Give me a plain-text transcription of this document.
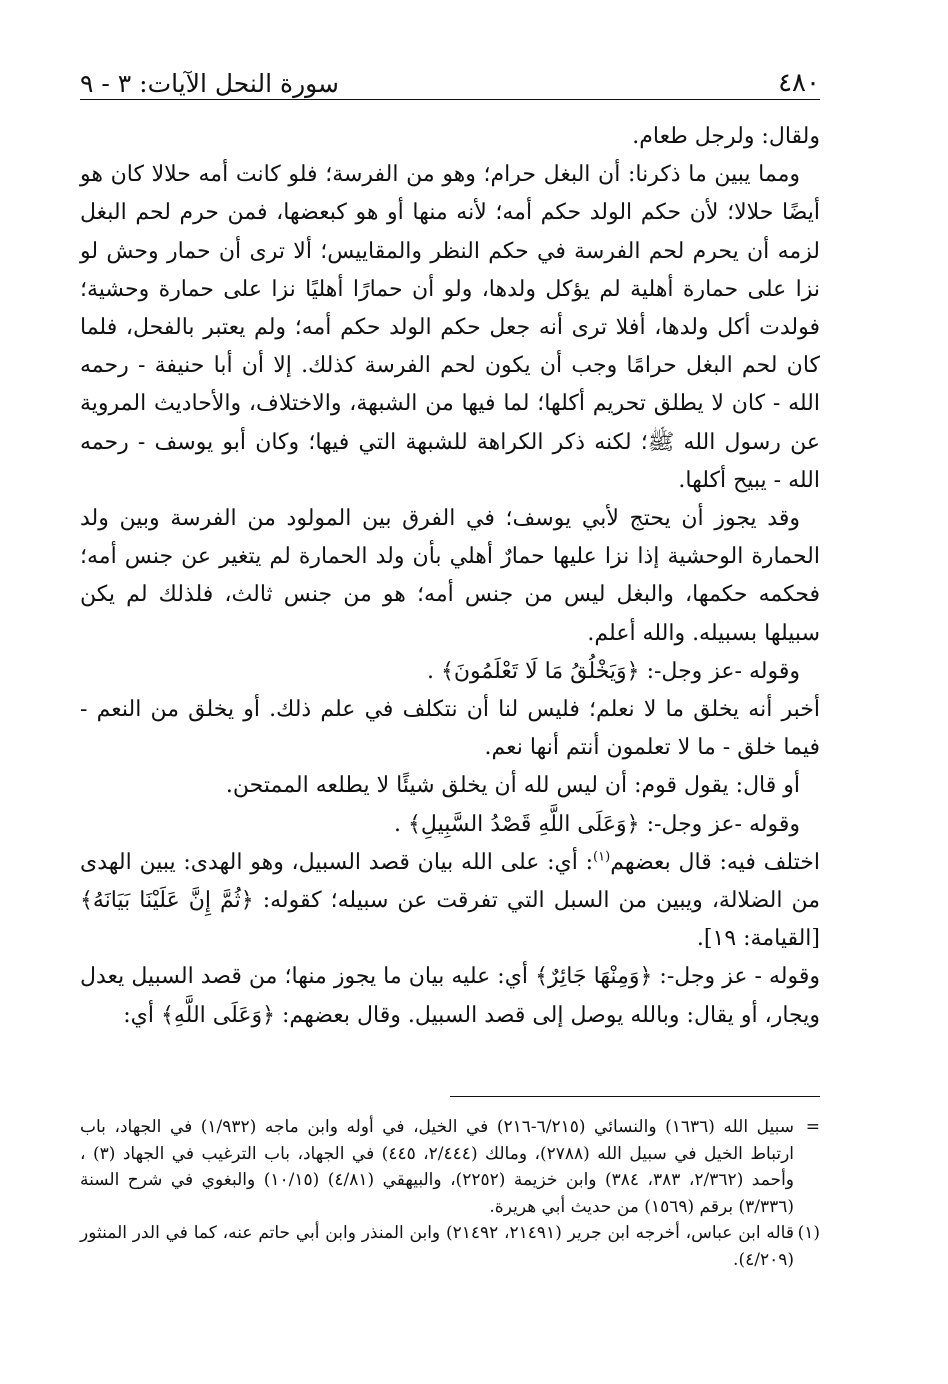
٤٨٠
سورة النحل الآيات: ٣ - ٩

ولقال: ولرجل طعام.

ومما يبين ما ذكرنا: أن البغل حرام؛ وهو من الفرسة؛ فلو كانت أمه حلالا كان هو أيضًا حلالا؛ لأن حكم الولد حكم أمه؛ لأنه منها أو هو كبعضها، فمن حرم لحم البغل لزمه أن يحرم لحم الفرسة في حكم النظر والمقاييس؛ ألا ترى أن حمار وحش لو نزا على حمارة أهلية لم يؤكل ولدها، ولو أن حمارًا أهليًا نزا على حمارة وحشية؛ فولدت أكل ولدها، أفلا ترى أنه جعل حكم الولد حكم أمه؛ ولم يعتبر بالفحل، فلما كان لحم البغل حرامًا وجب أن يكون لحم الفرسة كذلك. إلا أن أبا حنيفة - رحمه الله - كان لا يطلق تحريم أكلها؛ لما فيها من الشبهة، والاختلاف، والأحاديث المروية عن رسول الله ﷺ؛ لكنه ذكر الكراهة للشبهة التي فيها؛ وكان أبو يوسف - رحمه الله - يبيح أكلها.

وقد يجوز أن يحتج لأبي يوسف؛ في الفرق بين المولود من الفرسة وبين ولد الحمارة الوحشية إذا نزا عليها حمارٌ أهلي بأن ولد الحمارة لم يتغير عن جنس أمه؛ فحكمه حكمها، والبغل ليس من جنس أمه؛ هو من جنس ثالث، فلذلك لم يكن سبيلها بسبيله. والله أعلم.

وقوله -عز وجل-: ﴿وَيَخْلُقُ مَا لَا تَعْلَمُونَ﴾ .

أخبر أنه يخلق ما لا نعلم؛ فليس لنا أن نتكلف في علم ذلك. أو يخلق من النعم - فيما خلق - ما لا تعلمون أنتم أنها نعم.

أو قال: يقول قوم: أن ليس لله أن يخلق شيئًا لا يطلعه الممتحن.

وقوله -عز وجل-: ﴿وَعَلَى اللَّهِ قَصْدُ السَّبِيلِ﴾ .

اختلف فيه: قال بعضهم$^{(١)}$: أي: على الله بيان قصد السبيل، وهو الهدى: يبين الهدى من الضلالة، ويبين من السبل التي تفرقت عن سبيله؛ كقوله: ﴿ثُمَّ إِنَّ عَلَيْنَا بَيَانَهُ﴾ [القيامة: ١٩].

وقوله - عز وجل-: ﴿وَمِنْهَا جَائِرٌ﴾ أي: عليه بيان ما يجوز منها؛ من قصد السبيل يعدل ويجار، أو يقال: وبالله يوصل إلى قصد السبيل. وقال بعضهم: ﴿وَعَلَى اللَّهِ﴾ أي:

=
سبيل الله (١٦٣٦) والنسائي (٦/٢١٥-٢١٦) في الخيل، في أوله وابن ماجه (١/٩٣٢) في الجهاد، باب ارتباط الخيل في سبيل الله (٢٧٨٨)، ومالك (٢/٤٤٤، ٤٤٥) في الجهاد، باب الترغيب في الجهاد (٣) ، وأحمد (٢/٣٦٢، ٣٨٣، ٣٨٤) وابن خزيمة (٢٢٥٢)، والبيهقي (٤/٨١) (١٠/١٥) والبغوي في شرح السنة (٣/٣٣٦) برقم (١٥٦٩) من حديث أبي هريرة.
(١)
قاله ابن عباس، أخرجه ابن جرير (٢١٤٩١، ٢١٤٩٢) وابن المنذر وابن أبي حاتم عنه، كما في الدر المنثور (٤/٢٠٩).
